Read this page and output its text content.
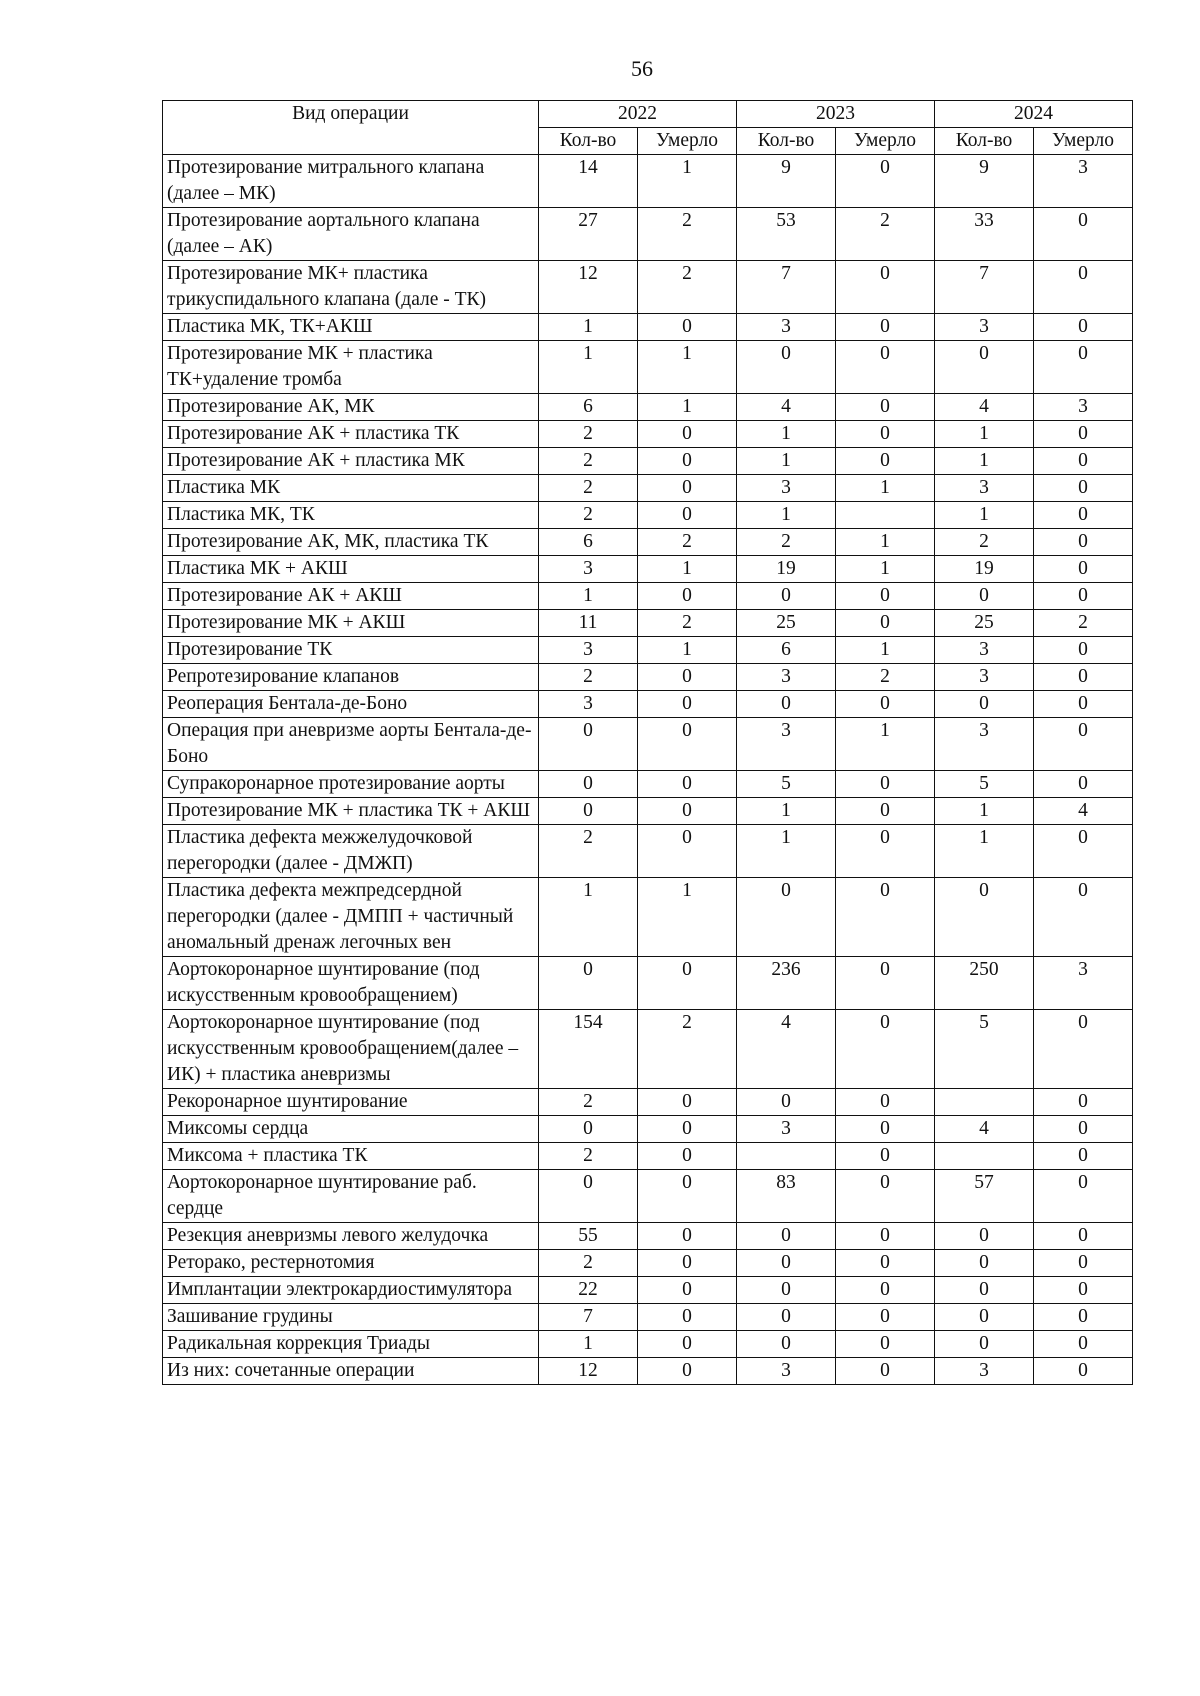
56
Вид операции	2022		2023		2024	
	Кол-во	Умерло	Кол-во	Умерло	Кол-во	Умерло
Протезирование митрального клапана (далее – МК)	14	1	9	0	9	3
Протезирование аортального клапана (далее – АК)	27	2	53	2	33	0
Протезирование МК+ пластика трикуспидального клапана (дале - ТК)	12	2	7	0	7	0
Пластика МК, ТК+АКШ	1	0	3	0	3	0
Протезирование МК + пластика ТК+удаление тромба	1	1	0	0	0	0
Протезирование АК, МК	6	1	4	0	4	3
Протезирование АК + пластика ТК	2	0	1	0	1	0
Протезирование АК + пластика МК	2	0	1	0	1	0
Пластика МК	2	0	3	1	3	0
Пластика МК, ТК	2	0	1		1	0
Протезирование АК, МК, пластика ТК	6	2	2	1	2	0
Пластика МК + АКШ	3	1	19	1	19	0
Протезирование АК + АКШ	1	0	0	0	0	0
Протезирование МК + АКШ	11	2	25	0	25	2
Протезирование ТК	3	1	6	1	3	0
Репротезирование клапанов	2	0	3	2	3	0
Реоперация Бентала-де-Боно	3	0	0	0	0	0
Операция при аневризме аорты Бентала-де-Боно	0	0	3	1	3	0
Супракоронарное протезирование аорты	0	0	5	0	5	0
Протезирование МК + пластика ТК + АКШ	0	0	1	0	1	4
Пластика дефекта межжелудочковой перегородки (далее - ДМЖП)	2	0	1	0	1	0
Пластика дефекта межпредсердной перегородки (далее - ДМПП + частичный аномальный дренаж легочных вен	1	1	0	0	0	0
Аортокоронарное шунтирование (под искусственным кровообращением)	0	0	236	0	250	3
Аортокоронарное шунтирование (под искусственным кровообращением(далее – ИК) + пластика аневризмы	154	2	4	0	5	0
Рекоронарное шунтирование	2	0	0	0		0
Миксомы сердца	0	0	3	0	4	0
Миксома + пластика ТК	2	0		0		0
Аортокоронарное шунтирование раб. сердце	0	0	83	0	57	0
Резекция аневризмы левого желудочка	55	0	0	0	0	0
Реторако, рестернотомия	2	0	0	0	0	0
Имплантации электрокардиостимулятора	22	0	0	0	0	0
Зашивание грудины	7	0	0	0	0	0
Радикальная коррекция Триады	1	0	0	0	0	0
Из них: сочетанные операции	12	0	3	0	3	0
